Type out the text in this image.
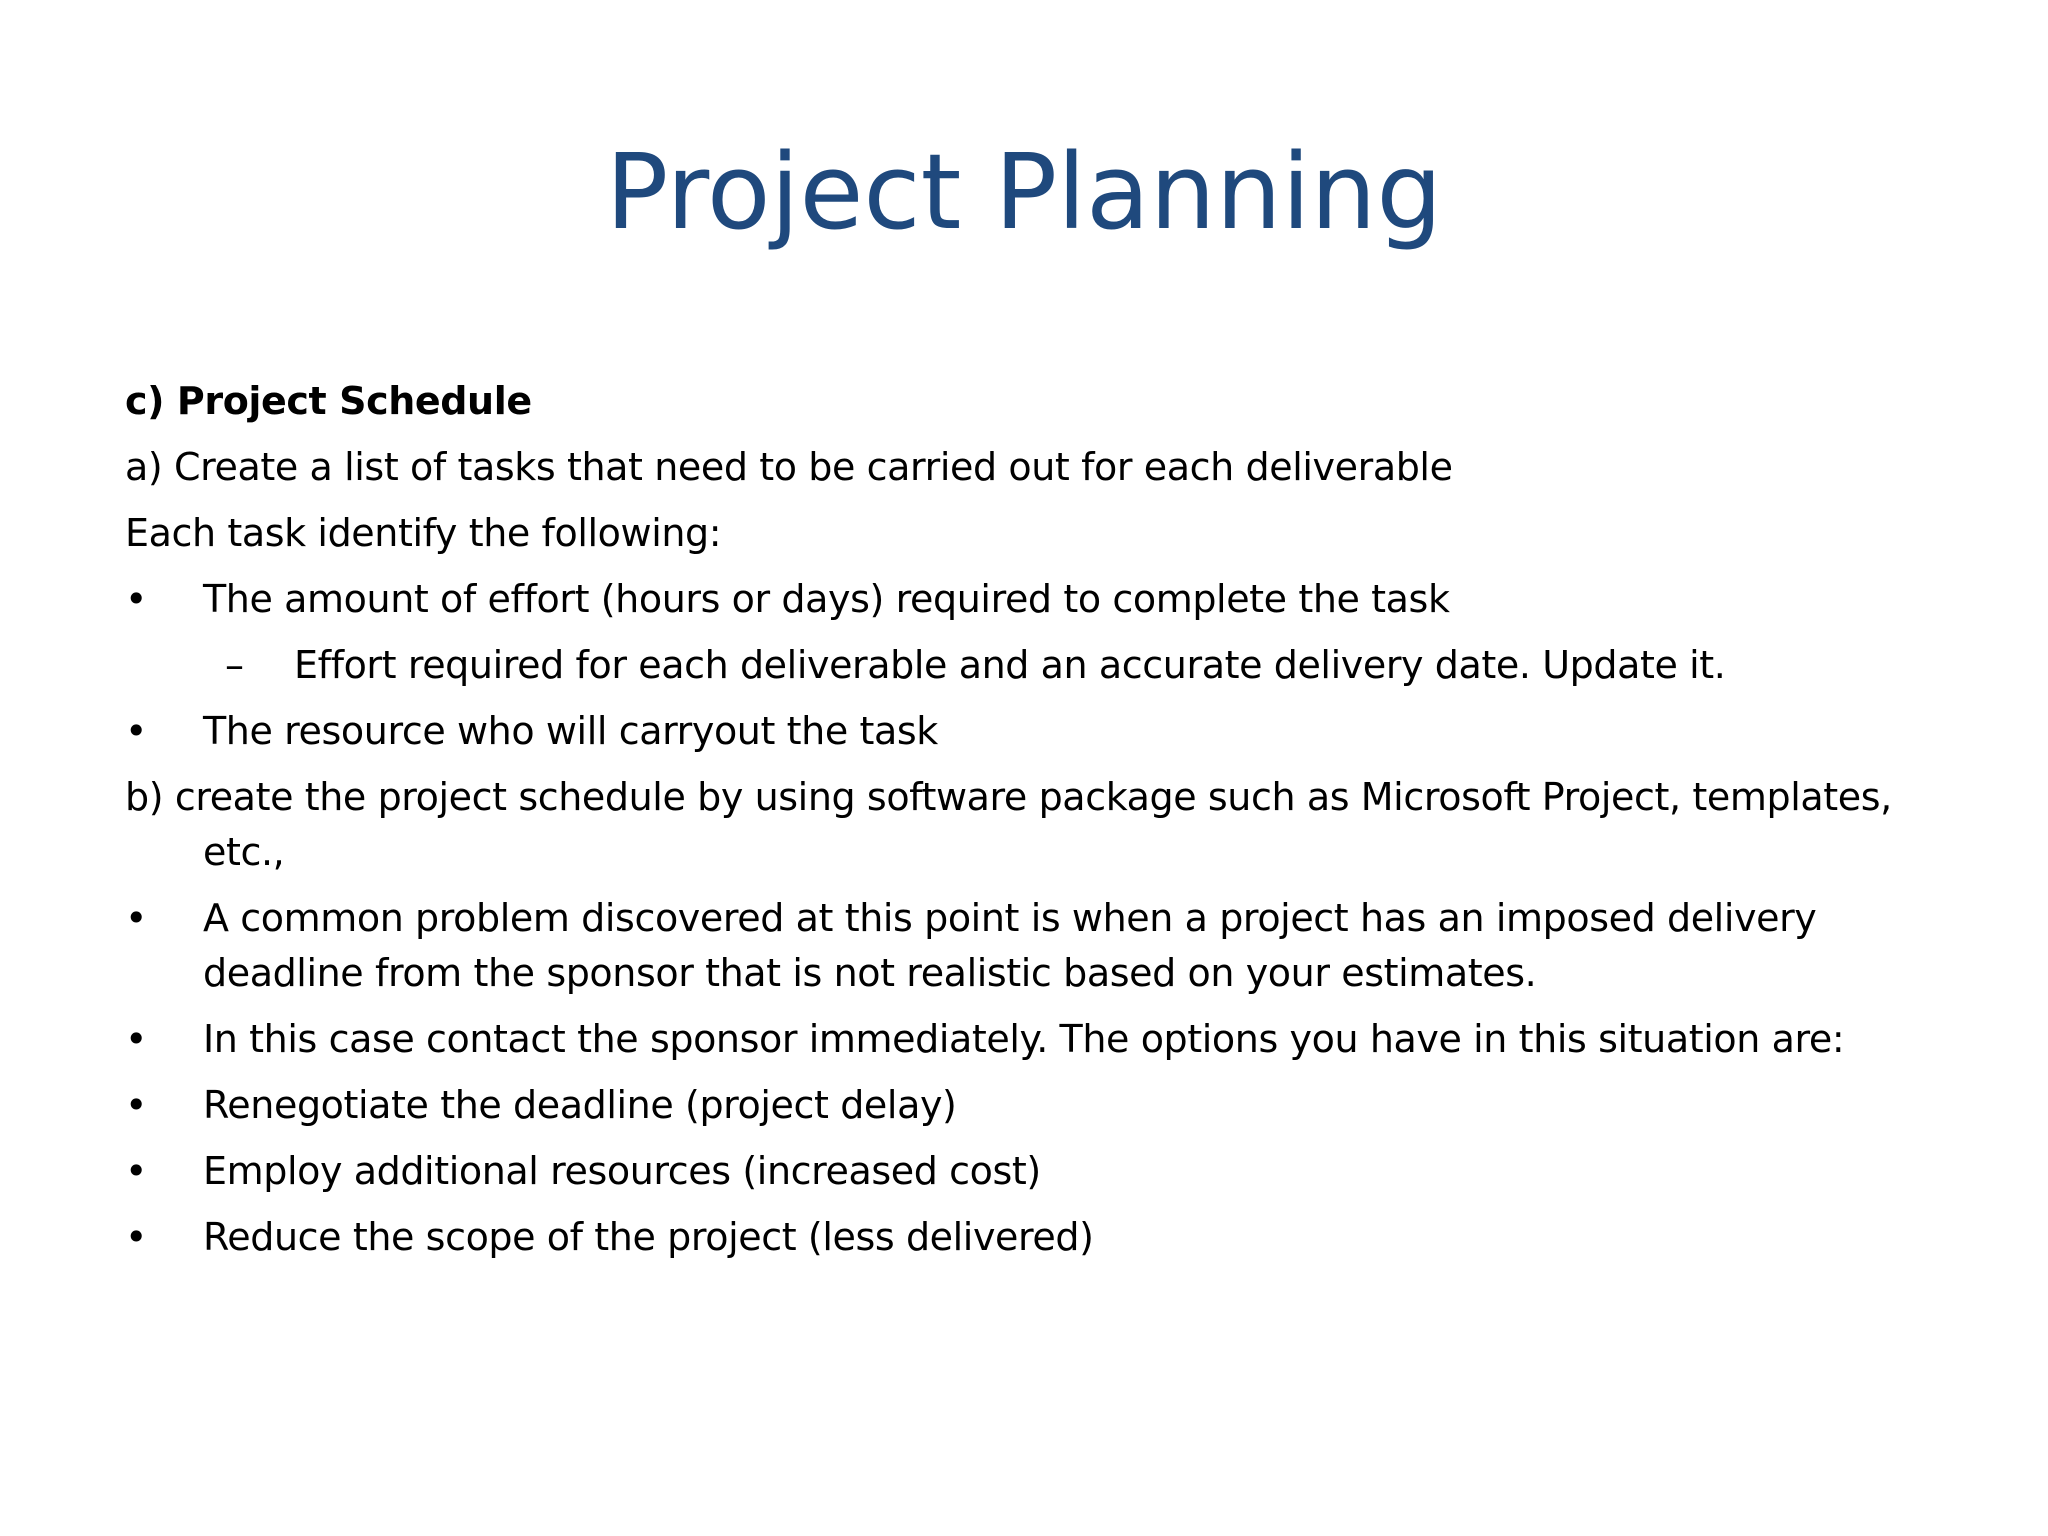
Project Planning

c) Project Schedule

a) Create a list of tasks that need to be carried out for each deliverable

Each task identify the following:

• The amount of effort (hours or days) required to complete the task
–	Effort required for each deliverable and an accurate delivery date. Update it.
• The resource who will carryout the task

b) create the project schedule by using software package such as Microsoft Project, templates, etc.,

• A common problem discovered at this point is when a project has an imposed delivery deadline from the sponsor that is not realistic based on your estimates.
• In this case contact the sponsor immediately. The options you have in this situation are:
• Renegotiate the deadline (project delay)
• Employ additional resources (increased cost)
• Reduce the scope of the project (less delivered)
